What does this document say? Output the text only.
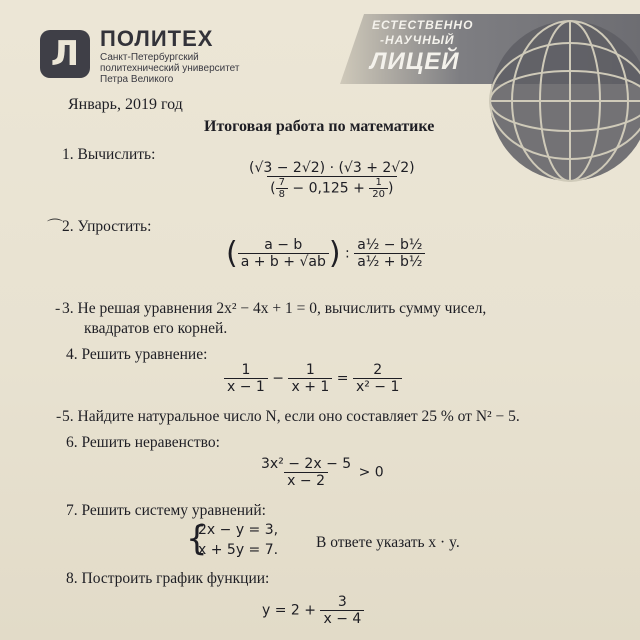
Л ПОЛИТЕХ
Санкт-Петербургский
политехнический университет
Петра Великого
ЕСТЕСТВЕННО
-НАУЧНЫЙ
ЛИЦЕЙ
Январь, 2019 год
Итоговая работа по математике
1. Вычислить:
$\frac{(√3 - 2√2) \cdot (√3 + 2√2)}{( \frac{7}{8} - 0,125 + \frac{1}{20} )}$
⌒
2. Упростить:
( $\frac{a - b}{a + b + √ab}$ ) : $\frac{\text{a½ − b½}}{\text{a½ + b½}}$
- 3. Не решая уравнения 2x² − 4x + 1 = 0, вычислить сумму чисел,
квадратов его корней.
4. Решить уравнение:
$\frac{1}{x - 1} - \frac{1}{x + 1} = \frac{2}{\text{x² − 1}}$
- 5. Найдите натуральное число N, если оно составляет 25 % от N² − 5.
6. Решить неравенство:
$\frac{\text{3x² − 2x − 5}}{x - 2} > 0$
7. Решить систему уравнений:
{
2x − y = 3,
x + 5y = 7. В ответе указать x · y.
8. Построить график функции:
$y = 2 + \frac{3}{x - 4}$
